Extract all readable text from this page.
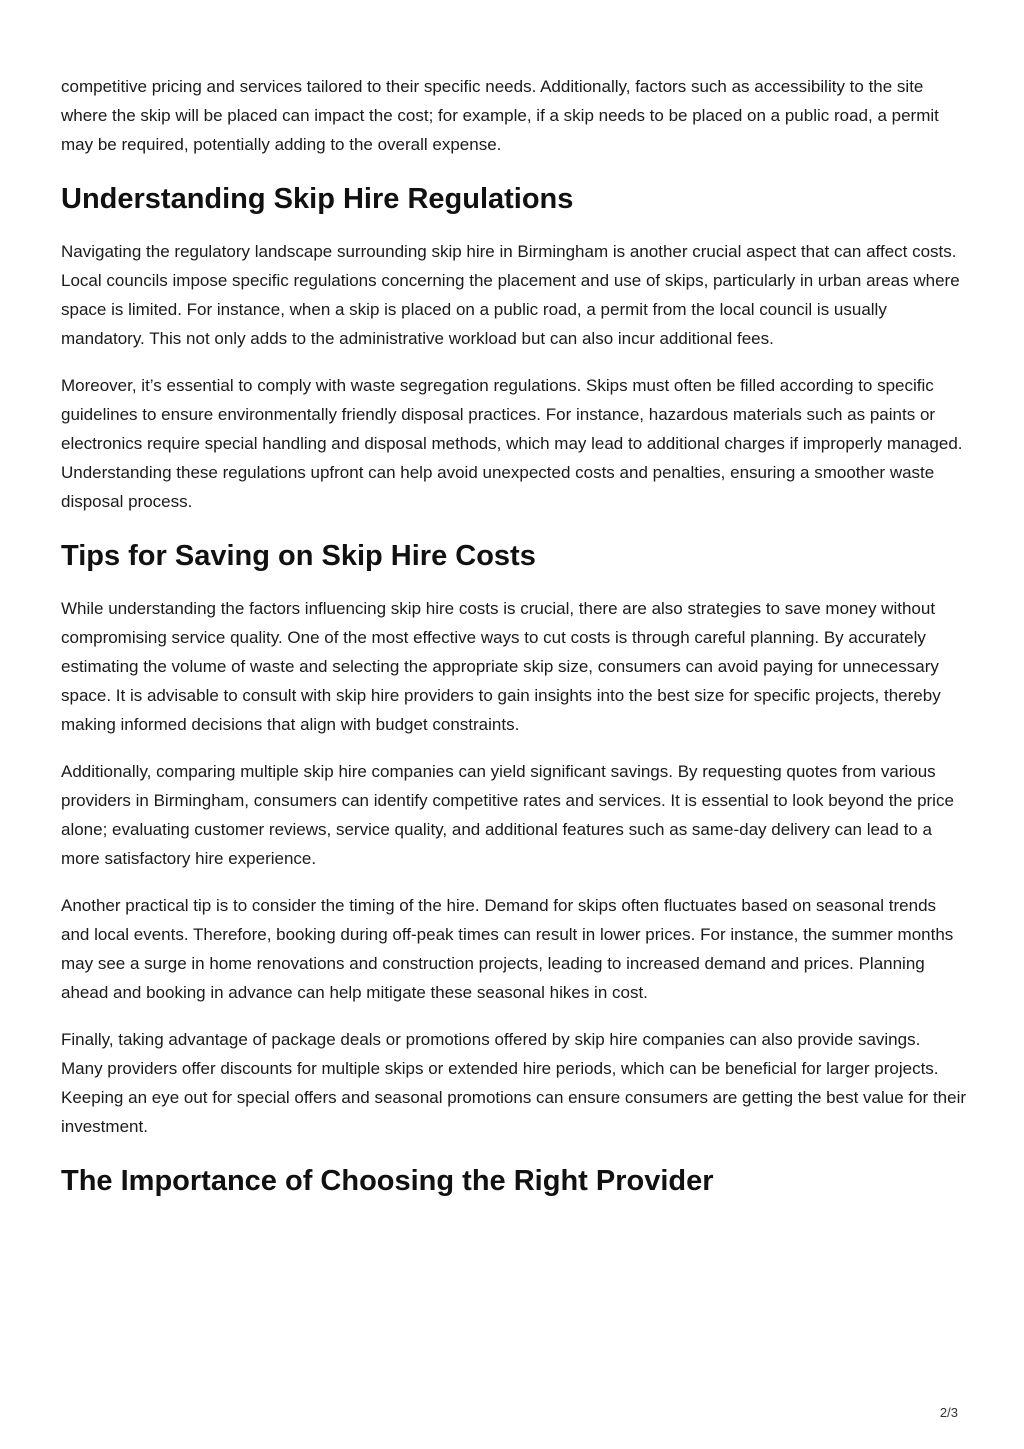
competitive pricing and services tailored to their specific needs. Additionally, factors such as accessibility to the site where the skip will be placed can impact the cost; for example, if a skip needs to be placed on a public road, a permit may be required, potentially adding to the overall expense.

Understanding Skip Hire Regulations

Navigating the regulatory landscape surrounding skip hire in Birmingham is another crucial aspect that can affect costs. Local councils impose specific regulations concerning the placement and use of skips, particularly in urban areas where space is limited. For instance, when a skip is placed on a public road, a permit from the local council is usually mandatory. This not only adds to the administrative workload but can also incur additional fees.

Moreover, it’s essential to comply with waste segregation regulations. Skips must often be filled according to specific guidelines to ensure environmentally friendly disposal practices. For instance, hazardous materials such as paints or electronics require special handling and disposal methods, which may lead to additional charges if improperly managed. Understanding these regulations upfront can help avoid unexpected costs and penalties, ensuring a smoother waste disposal process.

Tips for Saving on Skip Hire Costs

While understanding the factors influencing skip hire costs is crucial, there are also strategies to save money without compromising service quality. One of the most effective ways to cut costs is through careful planning. By accurately estimating the volume of waste and selecting the appropriate skip size, consumers can avoid paying for unnecessary space. It is advisable to consult with skip hire providers to gain insights into the best size for specific projects, thereby making informed decisions that align with budget constraints.

Additionally, comparing multiple skip hire companies can yield significant savings. By requesting quotes from various providers in Birmingham, consumers can identify competitive rates and services. It is essential to look beyond the price alone; evaluating customer reviews, service quality, and additional features such as same-day delivery can lead to a more satisfactory hire experience.

Another practical tip is to consider the timing of the hire. Demand for skips often fluctuates based on seasonal trends and local events. Therefore, booking during off-peak times can result in lower prices. For instance, the summer months may see a surge in home renovations and construction projects, leading to increased demand and prices. Planning ahead and booking in advance can help mitigate these seasonal hikes in cost.

Finally, taking advantage of package deals or promotions offered by skip hire companies can also provide savings. Many providers offer discounts for multiple skips or extended hire periods, which can be beneficial for larger projects. Keeping an eye out for special offers and seasonal promotions can ensure consumers are getting the best value for their investment.

The Importance of Choosing the Right Provider
2/3
